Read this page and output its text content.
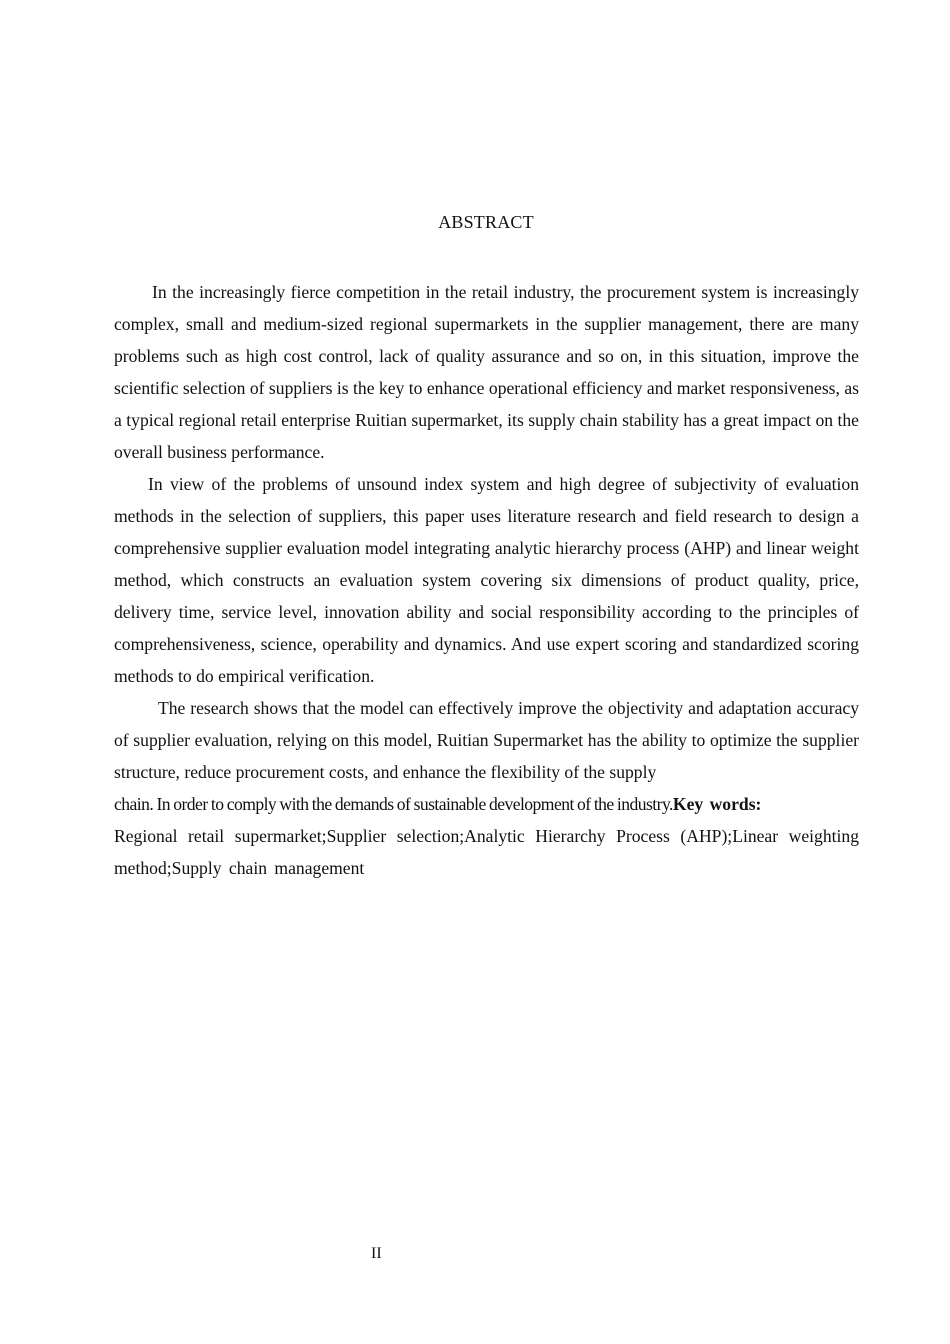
ABSTRACT

In the increasingly fierce competition in the retail industry, the procurement system is increasingly complex, small and medium-sized regional supermarkets in the supplier management, there are many problems such as high cost control, lack of quality assurance and so on, in this situation, improve the scientific selection of suppliers is the key to enhance operational efficiency and market responsiveness, as a typical regional retail enterprise Ruitian supermarket, its supply chain stability has a great impact on the overall business performance.

In view of the problems of unsound index system and high degree of subjectivity of evaluation methods in the selection of suppliers, this paper uses literature research and field research to design a comprehensive supplier evaluation model integrating analytic hierarchy process (AHP) and linear weight method, which constructs an evaluation system covering six dimensions of product quality, price, delivery time, service level, innovation ability and social responsibility according to the principles of comprehensiveness, science, operability and dynamics. And use expert scoring and standardized scoring methods to do empirical verification.

The research shows that the model can effectively improve the objectivity and adaptation accuracy of supplier evaluation, relying on this model, Ruitian Supermarket has the ability to optimize the supplier structure, reduce procurement costs, and enhance the flexibility of the supply
chain. In order to comply with the demands of sustainable development of the industry.Key words:

Regional retail supermarket;Supplier selection;Analytic Hierarchy Process (AHP);Linear weighting method;Supply chain management

II
